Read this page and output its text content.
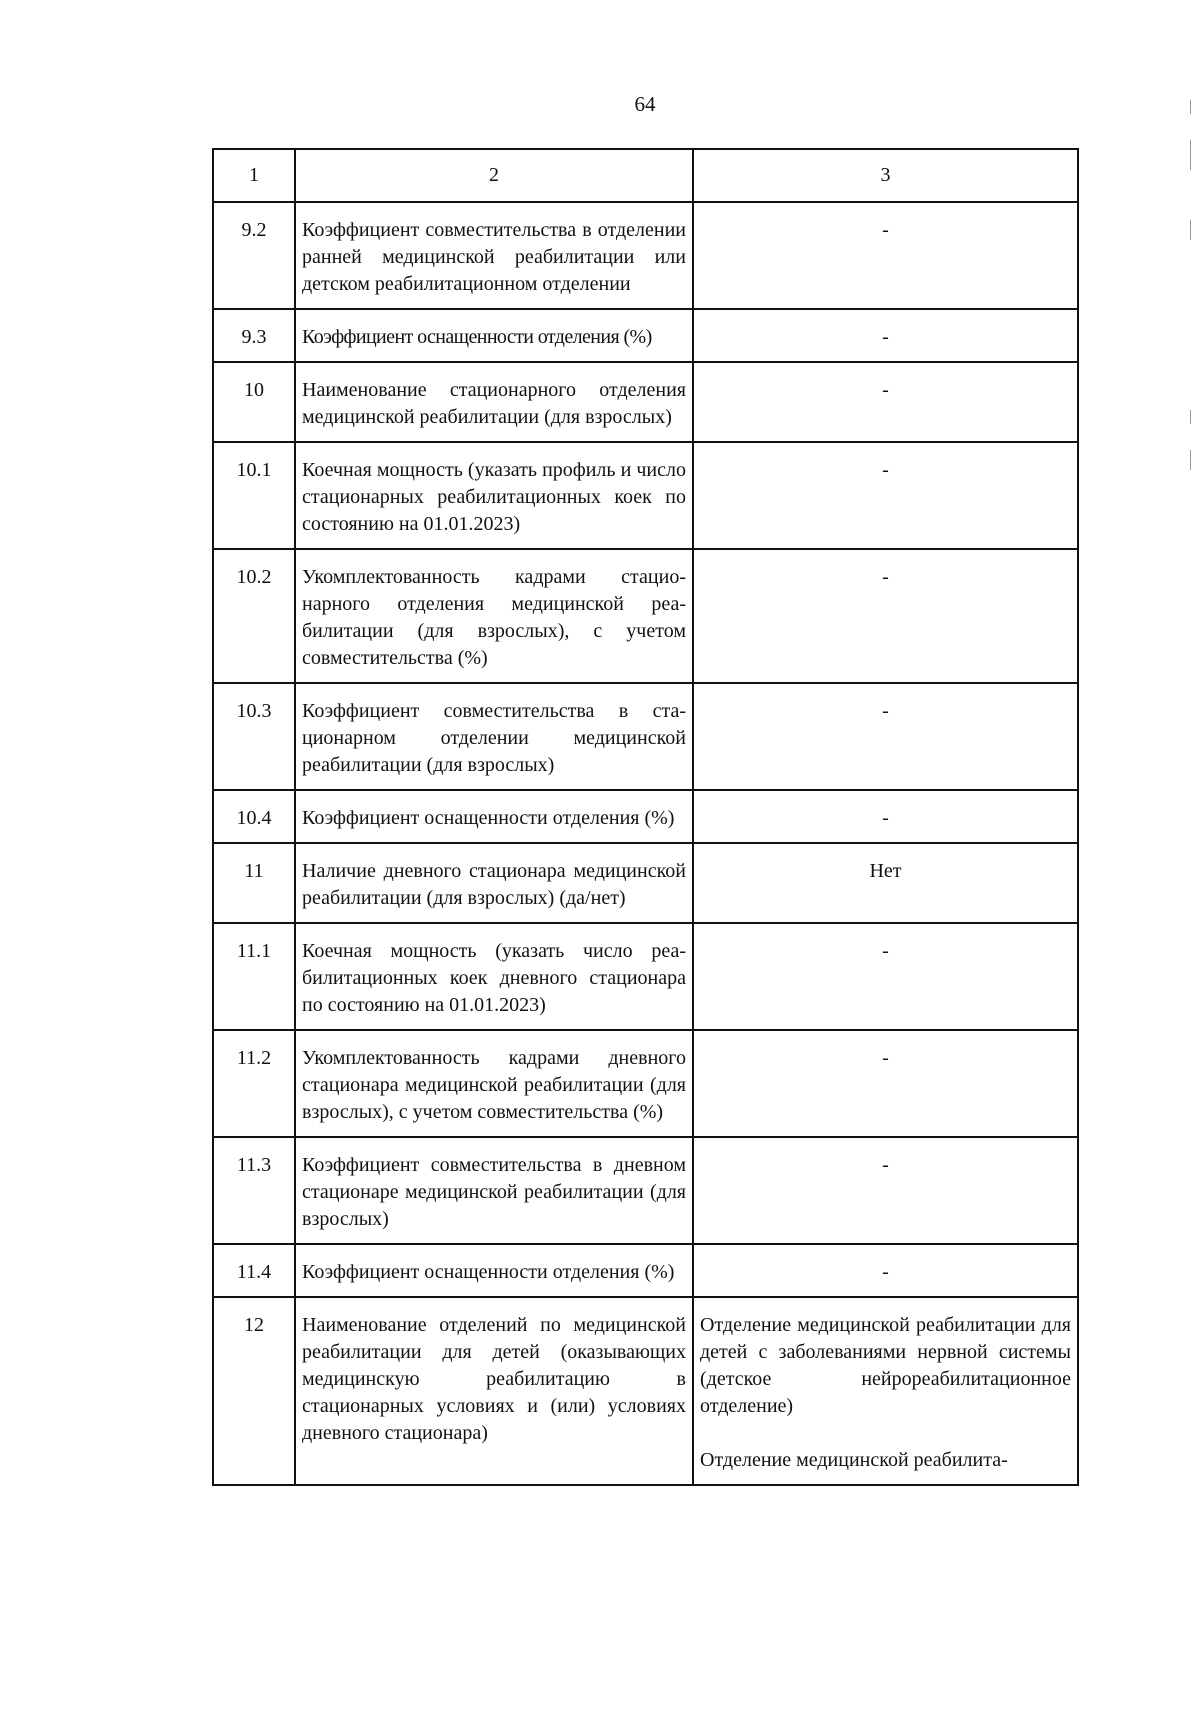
64
1	2	3
9.2	Коэффициент совместительства в отделении ранней медицинской реабилитации или детском реабилитационном отделении	-
9.3	Коэффициент оснащенности отделения (%)	-
10	Наименование стационарного отделения медицинской реабилитации (для взрослых)	-
10.1	Коечная мощность (указать профиль и число стационарных реабилитационных коек по состоянию на 01.01.2023)	-
10.2	Укомплектованность кадрами стационарного отделения медицинской реабилитации (для взрослых), с учетом совместительства (%)	-
10.3	Коэффициент совместительства в стационарном отделении медицинской реабилитации (для взрослых)	-
10.4	Коэффициент оснащенности отделения (%)	-
11	Наличие дневного стационара медицинской реабилитации (для взрослых) (да/нет)	Нет
11.1	Коечная мощность (указать число реабилитационных коек дневного стационара по состоянию на 01.01.2023)	-
11.2	Укомплектованность кадрами дневного стационара медицинской реабилитации (для взрослых), с учетом совместительства (%)	-
11.3	Коэффициент совместительства в дневном стационаре медицинской реабилитации (для взрослых)	-
11.4	Коэффициент оснащенности отделения (%)	-
12	Наименование отделений по медицинской реабилитации для детей (оказывающих медицинскую реабилитацию в стационарных условиях и (или) условиях дневного стационара)	Отделение медицинской реабилитации для детей с заболеваниями нервной системы (детское нейрореабилитационное отделение)
Отделение медицинской реабилита-
